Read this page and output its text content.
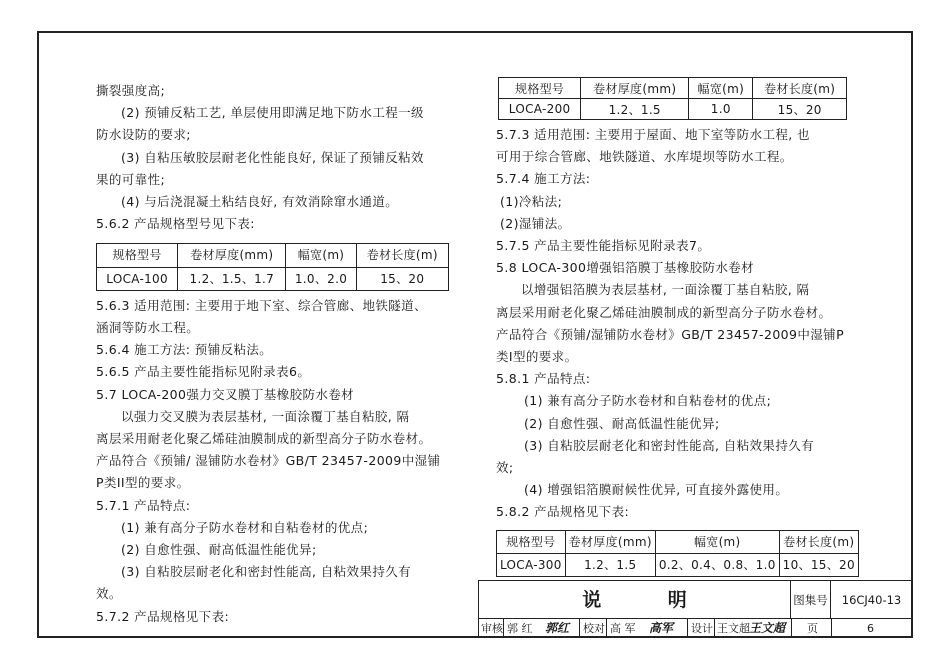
撕裂强度高;

(2) 预铺反粘工艺, 单层使用即满足地下防水工程一级

防水设防的要求;

(3) 自粘压敏胶层耐老化性能良好, 保证了预铺反粘效

果的可靠性;

(4) 与后浇混凝土粘结良好, 有效消除窜水通道。

5.6.2 产品规格型号见下表:

规格型号	卷材厚度(mm)	幅宽(m)	卷材长度(m)
LOCA-100	1.2、1.5、1.7	1.0、2.0	15、20

5.6.3 适用范围: 主要用于地下室、综合管廊、地铁隧道、

涵洞等防水工程。

5.6.4 施工方法: 预铺反粘法。

5.6.5 产品主要性能指标见附录表6。

5.7 LOCA-200强力交叉膜丁基橡胶防水卷材

以强力交叉膜为表层基材, 一面涂覆丁基自粘胶, 隔

离层采用耐老化聚乙烯硅油膜制成的新型高分子防水卷材。

产品符合《预铺/ 湿铺防水卷材》GB/T 23457-2009中湿铺

P类II型的要求。

5.7.1 产品特点:

(1) 兼有高分子防水卷材和自粘卷材的优点;

(2) 自愈性强、耐高低温性能优异;

(3) 自粘胶层耐老化和密封性能高, 自粘效果持久有

效。

5.7.2 产品规格见下表:

规格型号	卷材厚度(mm)	幅宽(m)	卷材长度(m)
LOCA-200	1.2、1.5	1.0	15、20

5.7.3 适用范围: 主要用于屋面、地下室等防水工程, 也

可用于综合管廊、地铁隧道、水库堤坝等防水工程。

5.7.4 施工方法:

(1)冷粘法;

(2)湿铺法。

5.7.5 产品主要性能指标见附录表7。

5.8 LOCA-300增强铝箔膜丁基橡胶防水卷材

以增强铝箔膜为表层基材, 一面涂覆丁基自粘胶, 隔

离层采用耐老化聚乙烯硅油膜制成的新型高分子防水卷材。

产品符合《预铺/湿铺防水卷材》GB/T 23457-2009中湿铺P

类Ⅰ型的要求。

5.8.1 产品特点:

(1) 兼有高分子防水卷材和自粘卷材的优点;

(2) 自愈性强、耐高低温性能优异;

(3) 自粘胶层耐老化和密封性能高, 自粘效果持久有

效;

(4) 增强铝箔膜耐候性优异, 可直接外露使用。

5.8.2 产品规格见下表:

规格型号	卷材厚度(mm)	幅宽(m)	卷材长度(m)
LOCA-300	1.2、1.5	0.2、0.4、0.8、1.0	10、15、20
说 明	图集号	16CJ40-13
审核 郭 红 郭红 校对 高 军 高军 设计 王文超 王文超 页	6
